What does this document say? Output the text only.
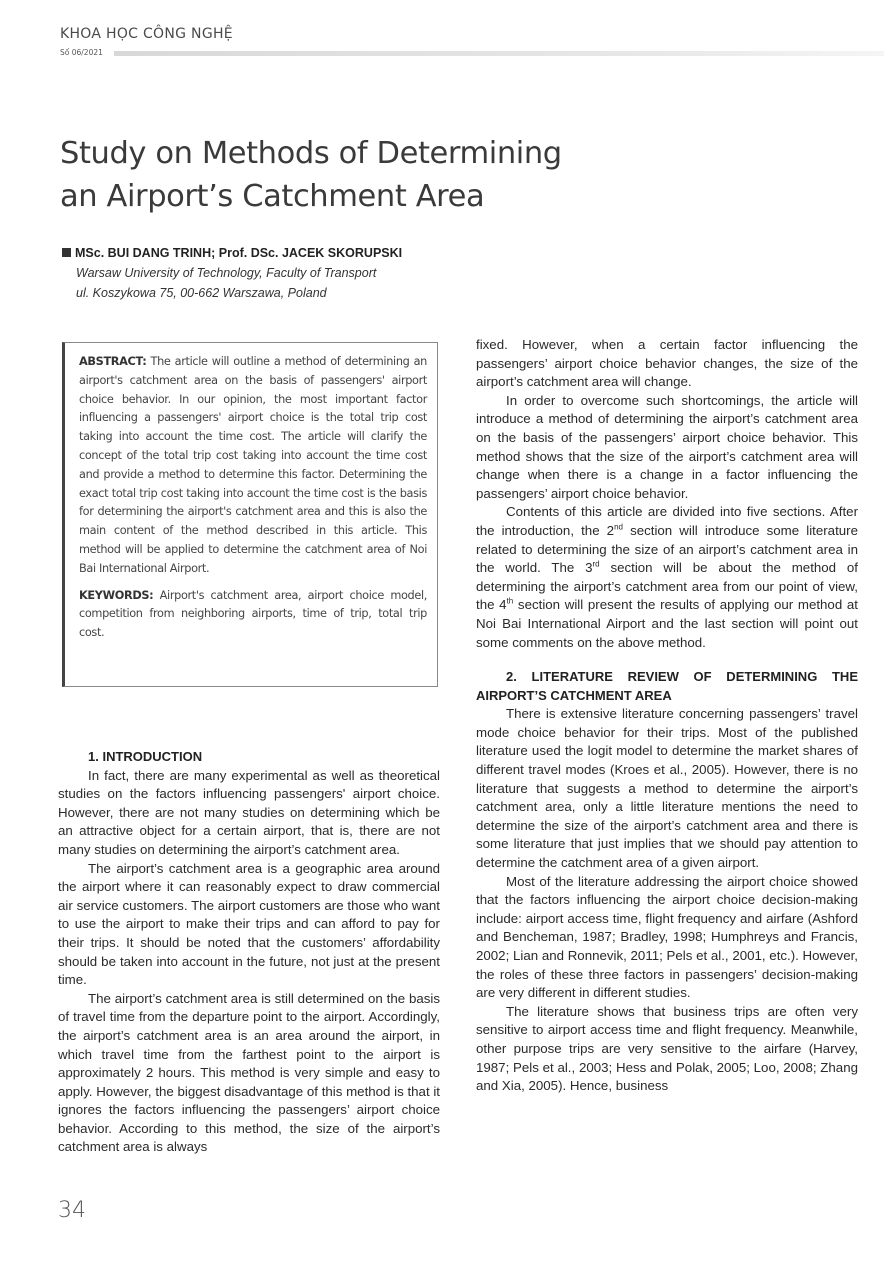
KHOA HỌC CÔNG NGHỆ
Số 06/2021
Study on Methods of Determining
an Airport’s Catchment Area
MSc. BUI DANG TRINH; Prof. DSc. JACEK SKORUPSKI
Warsaw University of Technology, Faculty of Transport
ul. Koszykowa 75, 00-662 Warszawa, Poland

ABSTRACT: The article will outline a method of determining an airport's catchment area on the basis of passengers' airport choice behavior. In our opinion, the most important factor influencing a passengers' airport choice is the total trip cost taking into account the time cost. The article will clarify the concept of the total trip cost taking into account the time cost and provide a method to determine this factor. Determining the exact total trip cost taking into account the time cost is the basis for determining the airport's catchment area and this is also the main content of the method described in this article. This method will be applied to determine the catchment area of Noi Bai International Airport.

KEYWORDS: Airport's catchment area, airport choice model, competition from neighboring airports, time of trip, total trip cost.

1. INTRODUCTION

In fact, there are many experimental as well as theoretical studies on the factors influencing passengers' airport choice. However, there are not many studies on determining which be an attractive object for a certain airport, that is, there are not many studies on determining the airport’s catchment area.

The airport’s catchment area is a geographic area around the airport where it can reasonably expect to draw commercial air service customers. The airport customers are those who want to use the airport to make their trips and can afford to pay for their trips. It should be noted that the customers’ affordability should be taken into account in the future, not just at the present time.

The airport’s catchment area is still determined on the basis of travel time from the departure point to the airport. Accordingly, the airport’s catchment area is an area around the airport, in which travel time from the farthest point to the airport is approximately 2 hours. This method is very simple and easy to apply. However, the biggest disadvantage of this method is that it ignores the factors influencing the passengers’ airport choice behavior. According to this method, the size of the airport’s catchment area is always

fixed. However, when a certain factor influencing the passengers’ airport choice behavior changes, the size of the airport’s catchment area will change.

In order to overcome such shortcomings, the article will introduce a method of determining the airport’s catchment area on the basis of the passengers’ airport choice behavior. This method shows that the size of the airport’s catchment area will change when there is a change in a factor influencing the passengers’ airport choice behavior.

Contents of this article are divided into five sections. After the introduction, the 2nd section will introduce some literature related to determining the size of an airport’s catchment area in the world. The 3rd section will be about the method of determining the airport’s catchment area from our point of view, the 4th section will present the results of applying our method at Noi Bai International Airport and the last section will point out some comments on the above method.

2. LITERATURE REVIEW OF DETERMINING THE AIRPORT’S CATCHMENT AREA

There is extensive literature concerning passengers’ travel mode choice behavior for their trips. Most of the published literature used the logit model to determine the market shares of different travel modes (Kroes et al., 2005). However, there is no literature that suggests a method to determine the airport’s catchment area, only a little literature mentions the need to determine the size of the airport’s catchment area and there is some literature that just implies that we should pay attention to determine the catchment area of a given airport.

Most of the literature addressing the airport choice showed that the factors influencing the airport choice decision-making include: airport access time, flight frequency and airfare (Ashford and Bencheman, 1987; Bradley, 1998; Humphreys and Francis, 2002; Lian and Ronnevik, 2011; Pels et al., 2001, etc.). However, the roles of these three factors in passengers’ decision-making are very different in different studies.

The literature shows that business trips are often very sensitive to airport access time and flight frequency. Meanwhile, other purpose trips are very sensitive to the airfare (Harvey, 1987; Pels et al., 2003; Hess and Polak, 2005; Loo, 2008; Zhang and Xia, 2005). Hence, business

34
